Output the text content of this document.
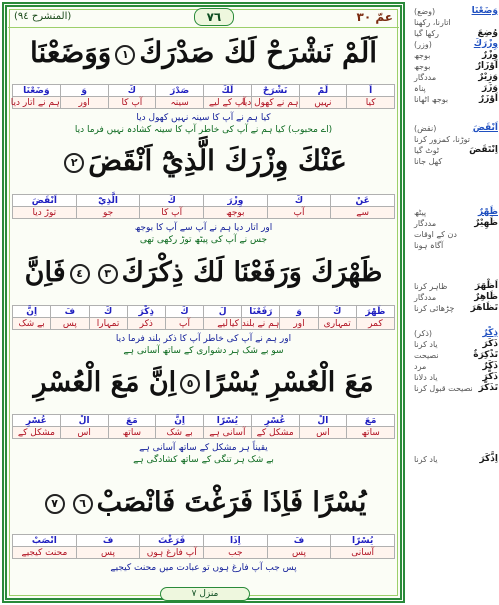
(المنشرح ٩٤)	٧٦	عمّ ٣٠
اَلَمْ نَشْرَحْ لَكَ صَدْرَكَ١وَوَضَعْنَا
اَ	لَمْ	نَشْرَحْ	لَكَ	صَدْرَ	كَ	وَ	وَضَعْنَا
کیا	نہیں	ہم نے کھول دیا	آپ کے لیے	سینہ	آپ کا	اور	ہم نے اتار دیا
کیا ہم نے آپ کا سینہ نہیں کھول دیا
(اے محبوب) کیا ہم نے آپ کی خاطر آپ کا سینہ کشادہ نہیں فرما دیا
عَنْكَ وِزْرَكَ الَّذِيْٓ اَنْقَضَ٢
عَنْ	كَ	وِزْرَ	كَ	الَّذِيْٓ	اَنْقَضَ
سے	آپ	بوجھ	آپ کا	جو	توڑ دیا
اور اتار دیا ہم نے آپ سے آپ کا بوجھ
جس نے آپ کی پیٹھ توڑ رکھی تھی
ظَهْرَكَ وَرَفَعْنَا لَكَ ذِكْرَكَ٣٤فَاِنَّ
ظَهْرَ	كَ	وَ	رَفَعْنَا	لَ	كَ	ذِكْرَ	كَ	فَ	اِنَّ
کمر	تمہاری	اور	ہم نے بلند کیا	لیے	آپ	ذکر	تمہارا	پس	بے شک
اور ہم نے آپ کی خاطر آپ کا ذکر بلند فرما دیا
سو بے شک ہر دشواری کے ساتھ آسانی ہے
مَعَ الْعُسْرِ يُسْرًا٥اِنَّ مَعَ الْعُسْرِ
مَعَ	الْ	عُسْرِ	يُسْرًا	اِنَّ	مَعَ	الْ	عُسْرِ
ساتھ	اس	مشکل کے	آسانی ہے	بے شک	ساتھ	اس	مشکل کے
یقیناً ہر مشکل کے ساتھ آسانی ہے
بے شک ہر تنگی کے ساتھ کشادگی ہے
يُسْرًا فَاِذَا فَرَغْتَ فَانْصَبْ٦٧
يُسْرًا	فَ	اِذَا	فَرَغْتَ	فَ	انْصَبْ
آسانی	پس	جب	آپ فارغ ہوں	پس	محنت کیجیے
پس جب آپ فارغ ہوں تو عبادت میں محنت کیجیے
منزل ٧
وَضَعْنَا
(وضع)
اتارنا، رکھنا
وُضِعَ
رکھا گیا
وِزْرَكَ
(وزر)
وِزْرٌ
بوجھ
اَوْزَارٌ
بوجھ
وَزِيْرٌ
مددگار
وَزَرَ
پناہ
اَوْزَرٌ
بوجھ اٹھانا
اَنْقَضَ
(نقض)
توڑنا، کمزور کرنا
اِنْتَقَضَ
ٹوٹ گیا
کھل جانا
ظَهْرٌ
پیٹھ
ظَهِيْرٌ
مددگار
دن کے اوقات
آگاہ ہونا
اَظْهَرَ
ظاہر کرنا
ظَاهِرٌ
مددگار
تَظَاهَرَ
چڑھائی کرنا
ذِكْرٌ
(ذکر)
ذَكَرَ
یاد کرنا
تَذْكِرَةٌ
نصیحت
ذَكَرٌ
مرد
ذَكَّرَ
یاد دلانا
تَذَكَّرَ
نصیحت قبول کرنا
اِذَّكَرَ
یاد کرنا
